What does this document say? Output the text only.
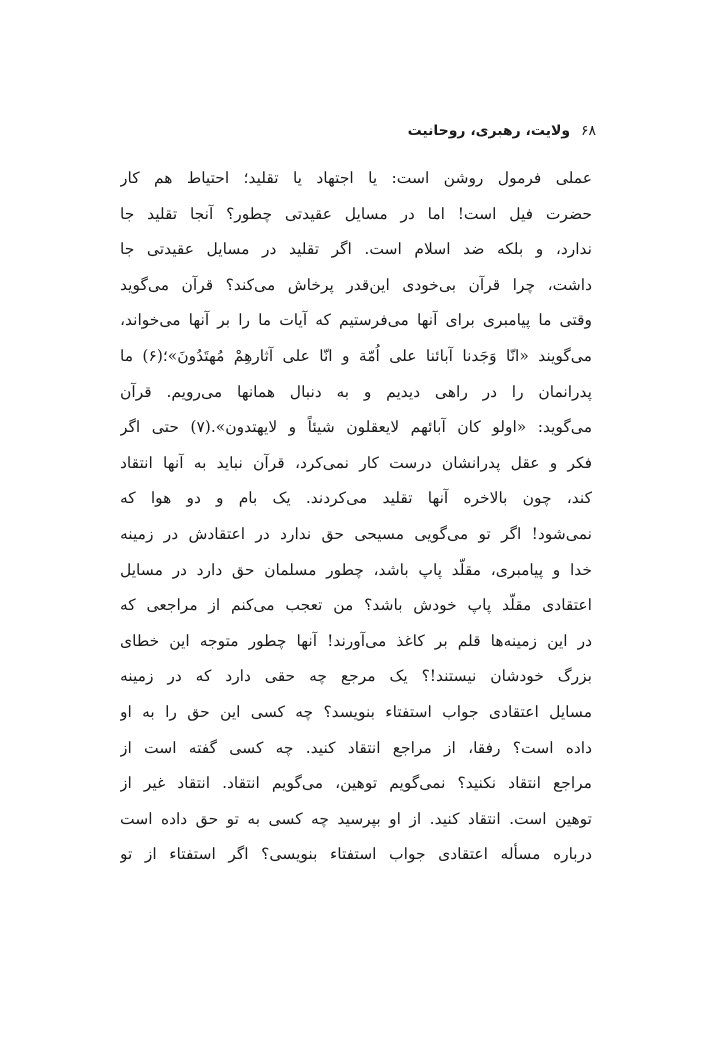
۶۸ ولایت، رهبری، روحانیت
عملی فرمول روشن است: یا اجتهاد یا تقلید؛ احتیاط هم کار
حضرت فیل است! اما در مسایل عقیدتی چطور؟ آنجا تقلید جا
ندارد، و بلکه ضد اسلام است. اگر تقلید در مسایل عقیدتی جا
داشت، چرا قرآن بی‌خودی این‌قدر پرخاش می‌کند؟ قرآن می‌گوید
وقتی ما پیامبری برای آنها می‌فرستیم که آیات ما را بر آنها می‌خواند،
می‌گویند «انّا وَجَدنا آبائنا علی اُمّة و انّا علی آثارهِمْ مُهتَدُونَ»؛(۶) ما
پدرانمان را در راهی دیدیم و به دنبال همانها می‌رویم. قرآن
می‌گوید: «اولو کان آبائهم لایعقلون شیئاً و لایهتدون».(۷) حتی اگر
فکر و عقل پدرانشان درست کار نمی‌کرد، قرآن نباید به آنها انتقاد
کند، چون بالاخره آنها تقلید می‌کردند. یک بام و دو هوا که
نمی‌شود! اگر تو می‌گویی مسیحی حق ندارد در اعتقادش در زمینه
خدا و پیامبری، مقلّد پاپ باشد، چطور مسلمان حق دارد در مسایل
اعتقادی مقلّد پاپ خودش باشد؟ من تعجب می‌کنم از مراجعی که
در این زمینه‌ها قلم بر کاغذ می‌آورند! آنها چطور متوجه این خطای
بزرگ خودشان نیستند!؟ یک مرجع چه حقی دارد که در زمینه
مسایل اعتقادی جواب استفتاء بنویسد؟ چه کسی این حق را به او
داده است؟ رفقا، از مراجع انتقاد کنید. چه کسی گفته است از
مراجع انتقاد نکنید؟ نمی‌گویم توهین، می‌گویم انتقاد. انتقاد غیر از
توهین است. انتقاد کنید. از او بپرسید چه کسی به تو حق داده است
درباره مسأله اعتقادی جواب استفتاء بنویسی؟ اگر استفتاء از تو
